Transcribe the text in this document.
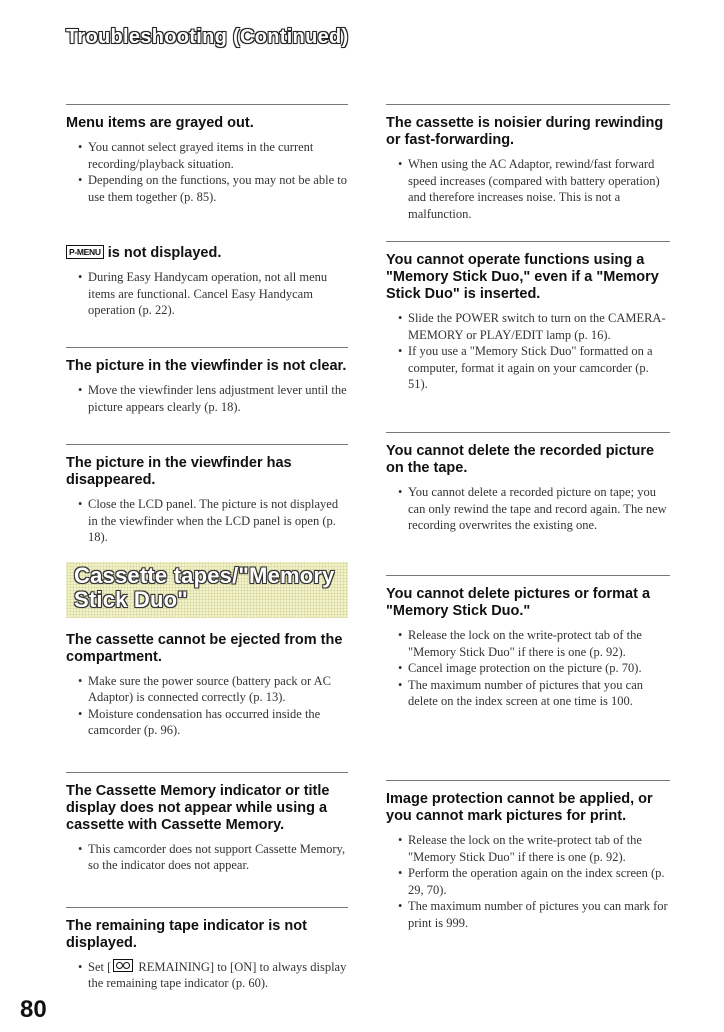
Troubleshooting (Continued)
Menu items are grayed out.
• You cannot select grayed items in the current recording/playback situation.
• Depending on the functions, you may not be able to use them together (p. 85).
P-MENU is not displayed.
• During Easy Handycam operation, not all menu items are functional. Cancel Easy Handycam operation (p. 22).
The picture in the viewfinder is not clear.
• Move the viewfinder lens adjustment lever until the picture appears clearly (p. 18).
The picture in the viewfinder has disappeared.
• Close the LCD panel. The picture is not displayed in the viewfinder when the LCD panel is open (p. 18).
Cassette tapes/"Memory Stick Duo"
The cassette cannot be ejected from the compartment.
• Make sure the power source (battery pack or AC Adaptor) is connected correctly (p. 13).
• Moisture condensation has occurred inside the camcorder (p. 96).
The Cassette Memory indicator or title display does not appear while using a cassette with Cassette Memory.
• This camcorder does not support Cassette Memory, so the indicator does not appear.
The remaining tape indicator is not displayed.
• Set [ REMAINING] to [ON] to always display the remaining tape indicator (p. 60).
The cassette is noisier during rewinding or fast-forwarding.
• When using the AC Adaptor, rewind/fast forward speed increases (compared with battery operation) and therefore increases noise. This is not a malfunction.
You cannot operate functions using a "Memory Stick Duo," even if a "Memory Stick Duo" is inserted.
• Slide the POWER switch to turn on the CAMERA-MEMORY or PLAY/EDIT lamp (p. 16).
• If you use a "Memory Stick Duo" formatted on a computer, format it again on your camcorder (p. 51).
You cannot delete the recorded picture on the tape.
• You cannot delete a recorded picture on tape; you can only rewind the tape and record again. The new recording overwrites the existing one.
You cannot delete pictures or format a "Memory Stick Duo."
• Release the lock on the write-protect tab of the "Memory Stick Duo" if there is one (p. 92).
• Cancel image protection on the picture (p. 70).
• The maximum number of pictures that you can delete on the index screen at one time is 100.
Image protection cannot be applied, or you cannot mark pictures for print.
• Release the lock on the write-protect tab of the "Memory Stick Duo" if there is one (p. 92).
• Perform the operation again on the index screen (p. 29, 70).
• The maximum number of pictures you can mark for print is 999.
80
